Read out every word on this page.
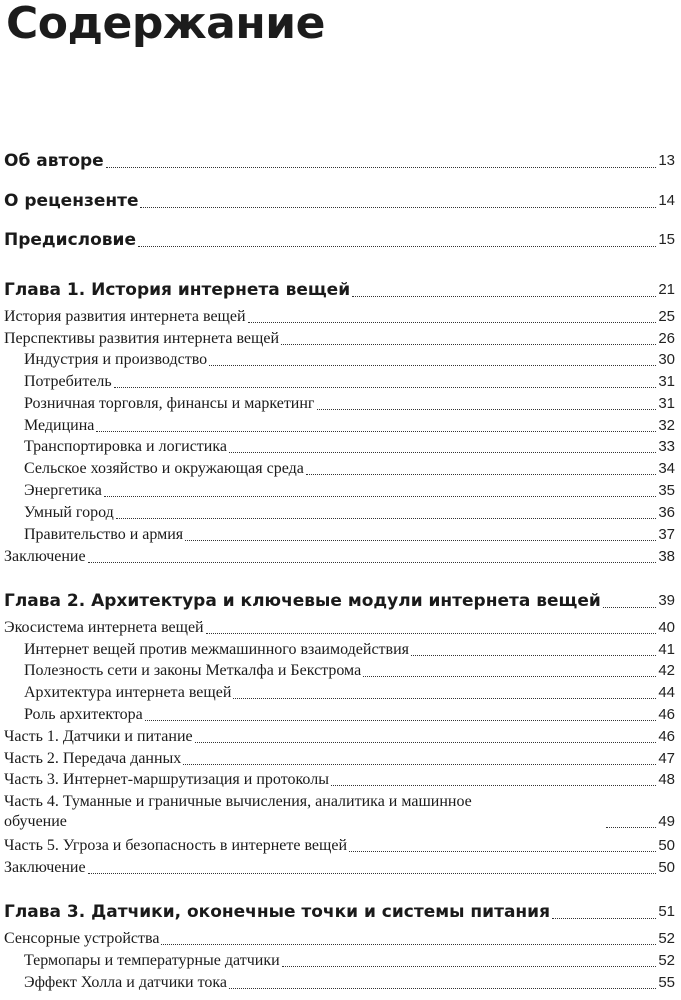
Содержание
Об авторе	13
О рецензенте	14
Предисловие	15
Глава 1. История интернета вещей	21
История развития интернета вещей	25
Перспективы развития интернета вещей	26
Индустрия и производство	30
Потребитель	31
Розничная торговля, финансы и маркетинг	31
Медицина	32
Транспортировка и логистика	33
Сельское хозяйство и окружающая среда	34
Энергетика	35
Умный город	36
Правительство и армия	37
Заключение	38
Глава 2. Архитектура и ключевые модули интернета вещей	39
Экосистема интернета вещей	40
Интернет вещей против межмашинного взаимодействия	41
Полезность сети и законы Меткалфа и Бекстрома	42
Архитектура интернета вещей	44
Роль архитектора	46
Часть 1. Датчики и питание	46
Часть 2. Передача данных	47
Часть 3. Интернет-маршрутизация и протоколы	48
Часть 4. Туманные и граничные вычисления, аналитика и машинное
обучение	49
Часть 5. Угроза и безопасность в интернете вещей	50
Заключение	50
Глава 3. Датчики, оконечные точки и системы питания	51
Сенсорные устройства	52
Термопары и температурные датчики	52
Эффект Холла и датчики тока	55
